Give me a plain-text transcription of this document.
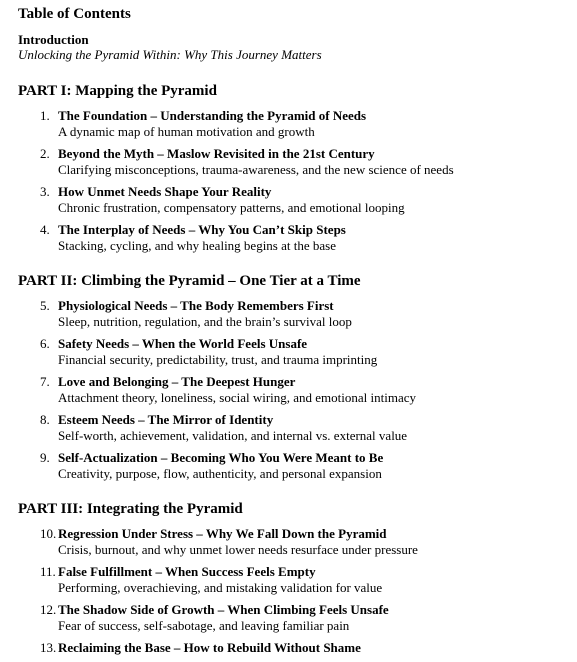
Table of Contents
Introduction
Unlocking the Pyramid Within: Why This Journey Matters
PART I: Mapping the Pyramid
1. The Foundation – Understanding the Pyramid of Needs
A dynamic map of human motivation and growth
2. Beyond the Myth – Maslow Revisited in the 21st Century
Clarifying misconceptions, trauma-awareness, and the new science of needs
3. How Unmet Needs Shape Your Reality
Chronic frustration, compensatory patterns, and emotional looping
4. The Interplay of Needs – Why You Can’t Skip Steps
Stacking, cycling, and why healing begins at the base
PART II: Climbing the Pyramid – One Tier at a Time
5. Physiological Needs – The Body Remembers First
Sleep, nutrition, regulation, and the brain’s survival loop
6. Safety Needs – When the World Feels Unsafe
Financial security, predictability, trust, and trauma imprinting
7. Love and Belonging – The Deepest Hunger
Attachment theory, loneliness, social wiring, and emotional intimacy
8. Esteem Needs – The Mirror of Identity
Self-worth, achievement, validation, and internal vs. external value
9. Self-Actualization – Becoming Who You Were Meant to Be
Creativity, purpose, flow, authenticity, and personal expansion
PART III: Integrating the Pyramid
10. Regression Under Stress – Why We Fall Down the Pyramid
Crisis, burnout, and why unmet lower needs resurface under pressure
11. False Fulfillment – When Success Feels Empty
Performing, overachieving, and mistaking validation for value
12. The Shadow Side of Growth – When Climbing Feels Unsafe
Fear of success, self-sabotage, and leaving familiar pain
13. Reclaiming the Base – How to Rebuild Without Shame
